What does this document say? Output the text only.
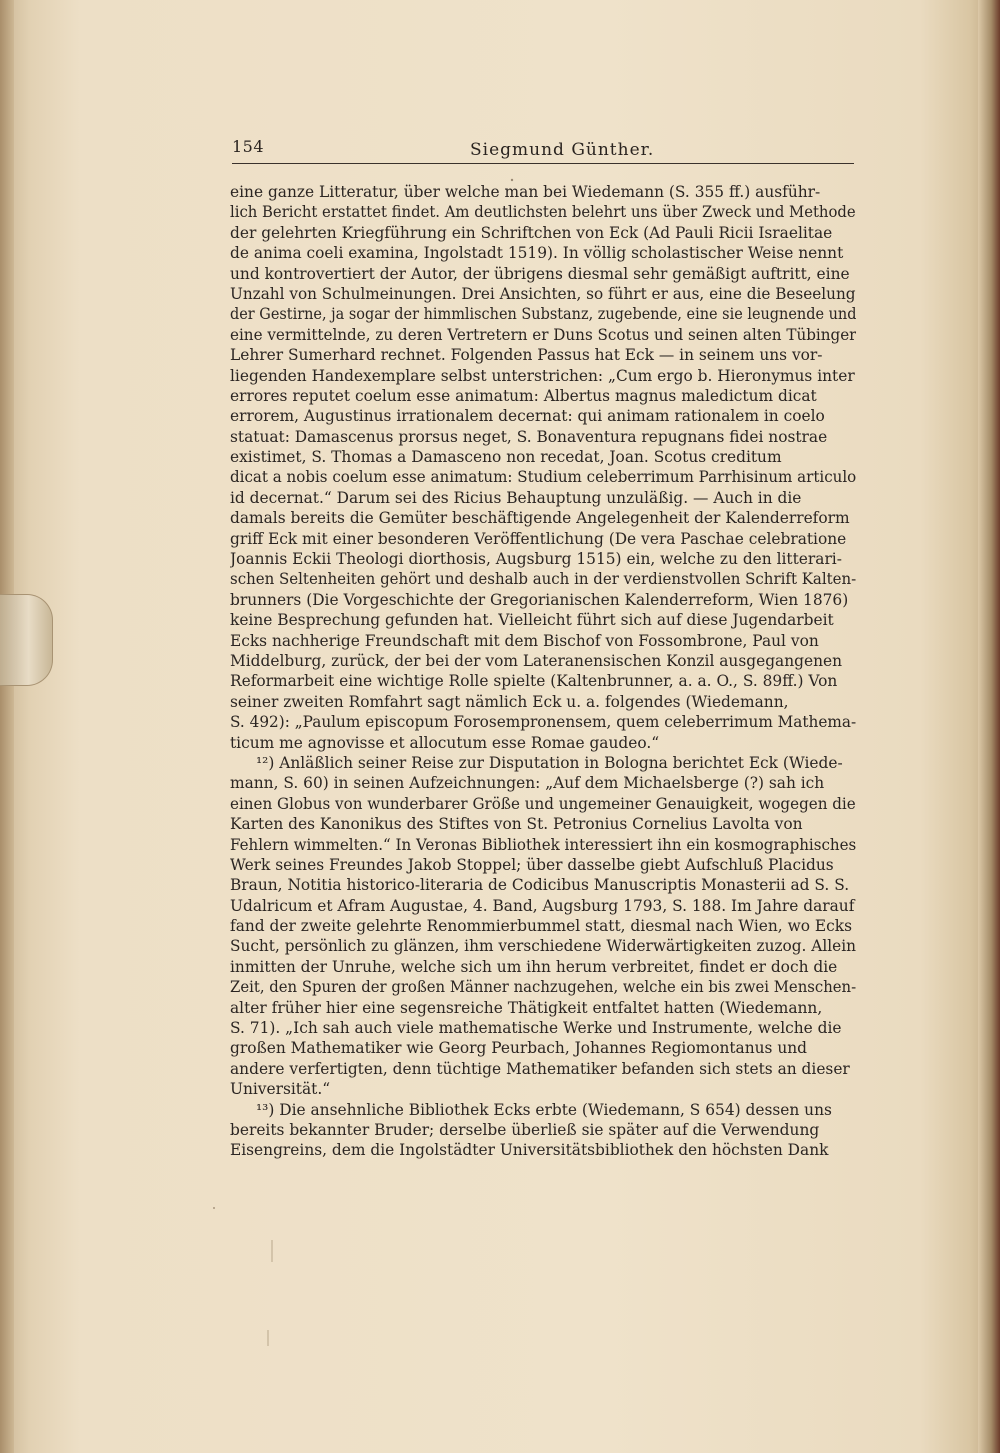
154	Siegmund Günther.
eine ganze Litteratur, über welche man bei Wiedemann (S. 355 ff.) ausführ-
lich Bericht erstattet findet. Am deutlichsten belehrt uns über Zweck und Methode
der gelehrten Kriegführung ein Schriftchen von Eck (Ad Pauli Ricii Israelitae
de anima coeli examina, Ingolstadt 1519). In völlig scholastischer Weise nennt
und kontrovertiert der Autor, der übrigens diesmal sehr gemäßigt auftritt, eine
Unzahl von Schulmeinungen. Drei Ansichten, so führt er aus, eine die Beseelung
der Gestirne, ja sogar der himmlischen Substanz, zugebende, eine sie leugnende und
eine vermittelnde, zu deren Vertretern er Duns Scotus und seinen alten Tübinger
Lehrer Sumerhard rechnet. Folgenden Passus hat Eck — in seinem uns vor-
liegenden Handexemplare selbst unterstrichen: „Cum ergo b. Hieronymus inter
errores reputet coelum esse animatum: Albertus magnus maledictum dicat
errorem, Augustinus irrationalem decernat: qui animam rationalem in coelo
statuat: Damascenus prorsus neget, S. Bonaventura repugnans fidei nostrae
existimet, S. Thomas a Damasceno non recedat, Joan. Scotus creditum
dicat a nobis coelum esse animatum: Studium celeberrimum Parrhisinum articulo
id decernat.“ Darum sei des Ricius Behauptung unzuläßig. — Auch in die
damals bereits die Gemüter beschäftigende Angelegenheit der Kalenderreform
griff Eck mit einer besonderen Veröffentlichung (De vera Paschae celebratione
Joannis Eckii Theologi diorthosis, Augsburg 1515) ein, welche zu den litterari-
schen Seltenheiten gehört und deshalb auch in der verdienstvollen Schrift Kalten-
brunners (Die Vorgeschichte der Gregorianischen Kalenderreform, Wien 1876)
keine Besprechung gefunden hat. Vielleicht führt sich auf diese Jugendarbeit
Ecks nachherige Freundschaft mit dem Bischof von Fossombrone, Paul von
Middelburg, zurück, der bei der vom Lateranensischen Konzil ausgegangenen
Reformarbeit eine wichtige Rolle spielte (Kaltenbrunner, a. a. O., S. 89ff.) Von
seiner zweiten Romfahrt sagt nämlich Eck u. a. folgendes (Wiedemann,
S. 492): „Paulum episcopum Forosempronensem, quem celeberrimum Mathema-
ticum me agnovisse et allocutum esse Romae gaudeo.“
¹²) Anläßlich seiner Reise zur Disputation in Bologna berichtet Eck (Wiede-
mann, S. 60) in seinen Aufzeichnungen: „Auf dem Michaelsberge (?) sah ich
einen Globus von wunderbarer Größe und ungemeiner Genauigkeit, wogegen die
Karten des Kanonikus des Stiftes von St. Petronius Cornelius Lavolta von
Fehlern wimmelten.“ In Veronas Bibliothek interessiert ihn ein kosmographisches
Werk seines Freundes Jakob Stoppel; über dasselbe giebt Aufschluß Placidus
Braun, Notitia historico-literaria de Codicibus Manuscriptis Monasterii ad S. S.
Udalricum et Afram Augustae, 4. Band, Augsburg 1793, S. 188. Im Jahre darauf
fand der zweite gelehrte Renommierbummel statt, diesmal nach Wien, wo Ecks
Sucht, persönlich zu glänzen, ihm verschiedene Widerwärtigkeiten zuzog. Allein
inmitten der Unruhe, welche sich um ihn herum verbreitet, findet er doch die
Zeit, den Spuren der großen Männer nachzugehen, welche ein bis zwei Menschen-
alter früher hier eine segensreiche Thätigkeit entfaltet hatten (Wiedemann,
S. 71). „Ich sah auch viele mathematische Werke und Instrumente, welche die
großen Mathematiker wie Georg Peurbach, Johannes Regiomontanus und
andere verfertigten, denn tüchtige Mathematiker befanden sich stets an dieser
Universität.“
¹³) Die ansehnliche Bibliothek Ecks erbte (Wiedemann, S 654) dessen uns
bereits bekannter Bruder; derselbe überließ sie später auf die Verwendung
Eisengreins, dem die Ingolstädter Universitätsbibliothek den höchsten Dank
